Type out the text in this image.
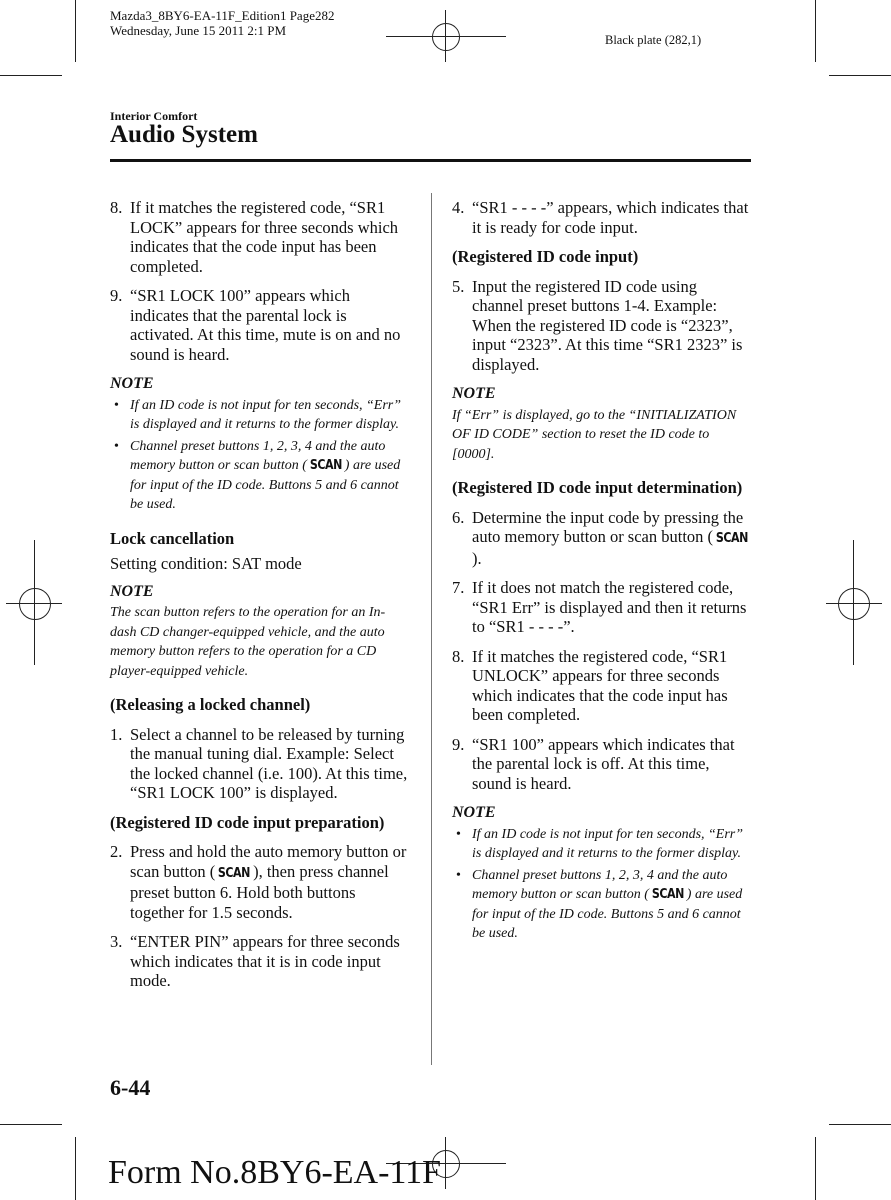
Mazda3_8BY6-EA-11F_Edition1 Page282
Wednesday, June 15 2011 2:1 PM
Black plate (282,1)
Interior Comfort
Audio System
8. If it matches the registered code, “SR1 LOCK” appears for three seconds which indicates that the code input has been completed.
9. “SR1 LOCK 100” appears which indicates that the parental lock is activated. At this time, mute is on and no sound is heard.
NOTE
• If an ID code is not input for ten seconds, “Err” is displayed and it returns to the former display.
• Channel preset buttons 1, 2, 3, 4 and the auto memory button or scan button ( SCAN ) are used for input of the ID code. Buttons 5 and 6 cannot be used.
Lock cancellation
Setting condition: SAT mode
NOTE
The scan button refers to the operation for an In-dash CD changer-equipped vehicle, and the auto memory button refers to the operation for a CD player-equipped vehicle.
(Releasing a locked channel)
1. Select a channel to be released by turning the manual tuning dial. Example: Select the locked channel (i.e. 100). At this time,
“SR1 LOCK 100” is displayed.
(Registered ID code input preparation)
2. Press and hold the auto memory button or scan button ( SCAN ), then press channel preset button 6. Hold both buttons together for 1.5 seconds.
3. “ENTER PIN” appears for three seconds which indicates that it is in code input mode.
4. “SR1 - - - -” appears, which indicates that it is ready for code input.
(Registered ID code input)
5. Input the registered ID code using channel preset buttons 1-4. Example: When the registered ID code is “2323”, input “2323”. At this time “SR1 2323” is displayed.
NOTE
If “Err” is displayed, go to the “INITIALIZATION OF ID CODE” section to reset the ID code to [0000].
(Registered ID code input determination)
6. Determine the input code by pressing the auto memory button or scan button ( SCAN).
7. If it does not match the registered code, “SR1 Err” is displayed and then it returns to “SR1 - - - -”.
8. If it matches the registered code, “SR1 UNLOCK” appears for three seconds which indicates that the code input has been completed.
9. “SR1 100” appears which indicates that the parental lock is off. At this time, sound is heard.
NOTE
• If an ID code is not input for ten seconds, “Err” is displayed and it returns to the former display.
• Channel preset buttons 1, 2, 3, 4 and the auto memory button or scan button ( SCAN ) are used for input of the ID code. Buttons 5 and 6 cannot be used.
6-44
Form No.8BY6-EA-11F
